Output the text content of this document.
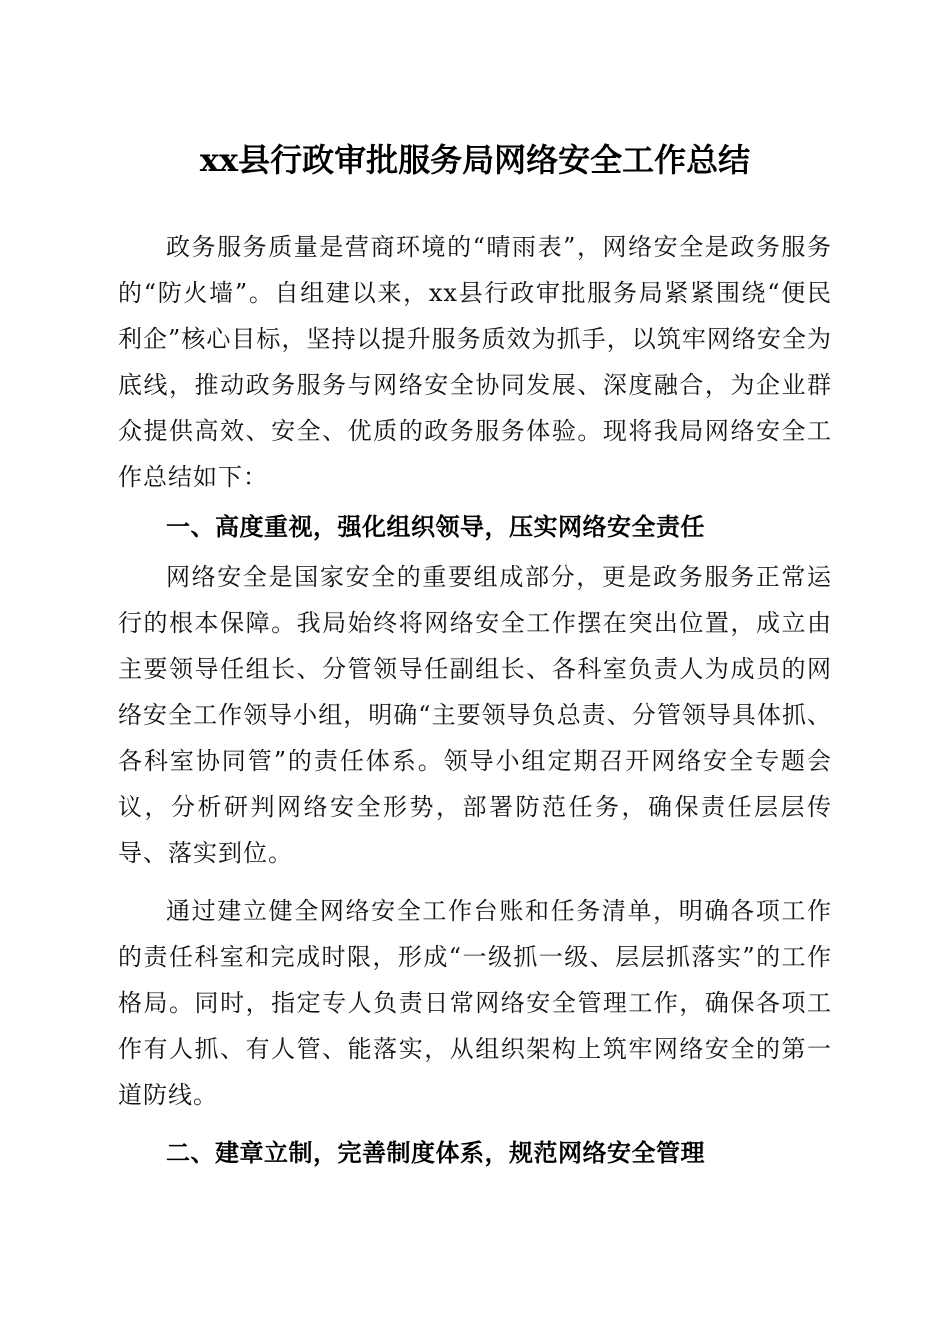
xx县行政审批服务局网络安全工作总结

政务服务质量是营商环境的“晴雨表”，网络安全是政务服务的“防火墙”。自组建以来，xx县行政审批服务局紧紧围绕“便民利企”核心目标，坚持以提升服务质效为抓手，以筑牢网络安全为底线，推动政务服务与网络安全协同发展、深度融合，为企业群众提供高效、安全、优质的政务服务体验。现将我局网络安全工作总结如下：

一、高度重视，强化组织领导，压实网络安全责任

网络安全是国家安全的重要组成部分，更是政务服务正常运行的根本保障。我局始终将网络安全工作摆在突出位置，成立由主要领导任组长、分管领导任副组长、各科室负责人为成员的网络安全工作领导小组，明确“主要领导负总责、分管领导具体抓、各科室协同管”的责任体系。领导小组定期召开网络安全专题会议，分析研判网络安全形势，部署防范任务，确保责任层层传导、落实到位。

通过建立健全网络安全工作台账和任务清单，明确各项工作的责任科室和完成时限，形成“一级抓一级、层层抓落实”的工作格局。同时，指定专人负责日常网络安全管理工作，确保各项工作有人抓、有人管、能落实，从组织架构上筑牢网络安全的第一道防线。

二、建章立制，完善制度体系，规范网络安全管理
